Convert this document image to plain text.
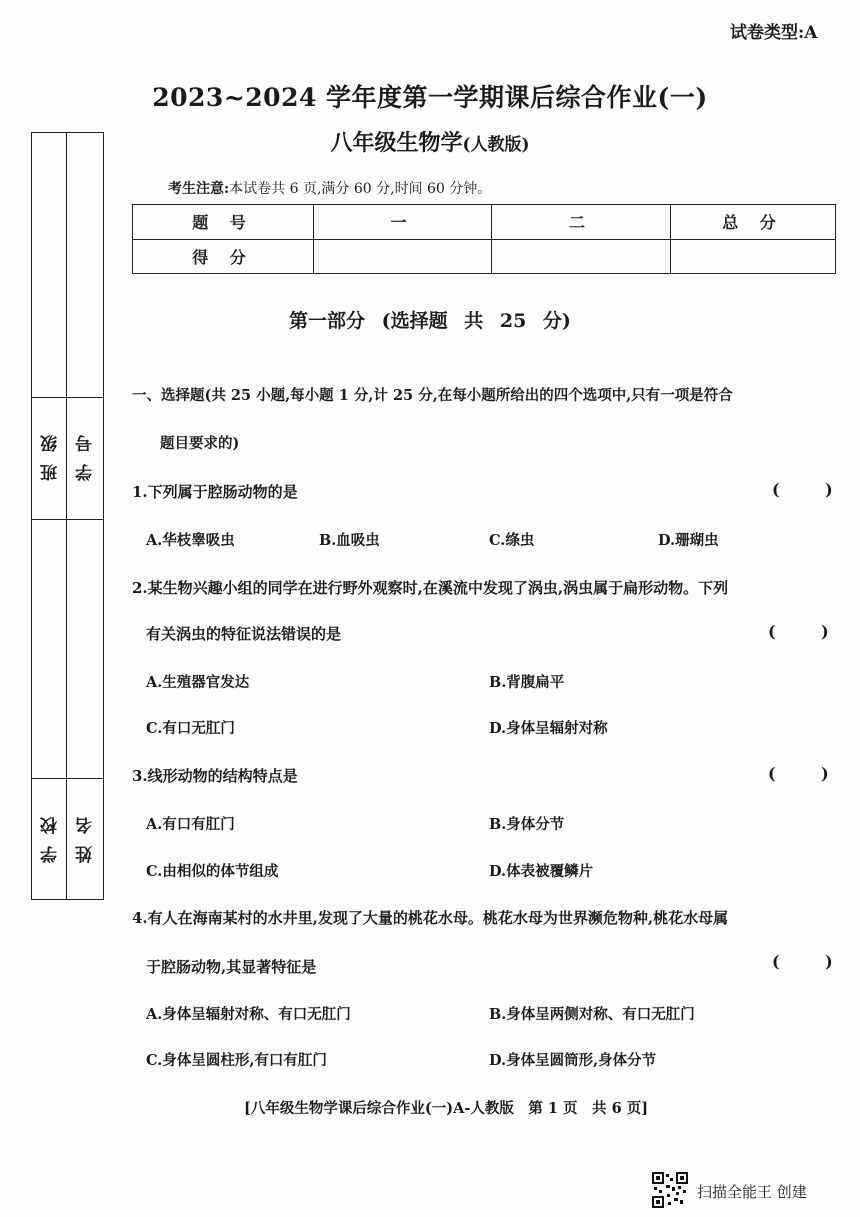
试卷类型:A
2023~2024 学年度第一学期课后综合作业(一)
八年级生物学(人教版)
考生注意:本试卷共 6 页,满分 60 分,时间 60 分钟。
题 号	一	二	总 分
得 分			
班级 学号
学校 姓名
第一部分 (选择题 共 25 分)
一、选择题(共 25 小题,每小题 1 分,计 25 分,在每小题所给出的四个选项中,只有一项是符合
题目要求的)
1.下列属于腔肠动物的是	( )
A.华枝睾吸虫	B.血吸虫	C.绦虫	D.珊瑚虫
2.某生物兴趣小组的同学在进行野外观察时,在溪流中发现了涡虫,涡虫属于扁形动物。下列
有关涡虫的特征说法错误的是	( )
A.生殖器官发达	B.背腹扁平
C.有口无肛门	D.身体呈辐射对称
3.线形动物的结构特点是	( )
A.有口有肛门	B.身体分节
C.由相似的体节组成	D.体表被覆鳞片
4.有人在海南某村的水井里,发现了大量的桃花水母。桃花水母为世界濒危物种,桃花水母属
于腔肠动物,其显著特征是	( )
A.身体呈辐射对称、有口无肛门	B.身体呈两侧对称、有口无肛门
C.身体呈圆柱形,有口有肛门	D.身体呈圆筒形,身体分节
[八年级生物学课后综合作业(一)A-人教版　第 1 页　共 6 页]
扫描全能王 创建
